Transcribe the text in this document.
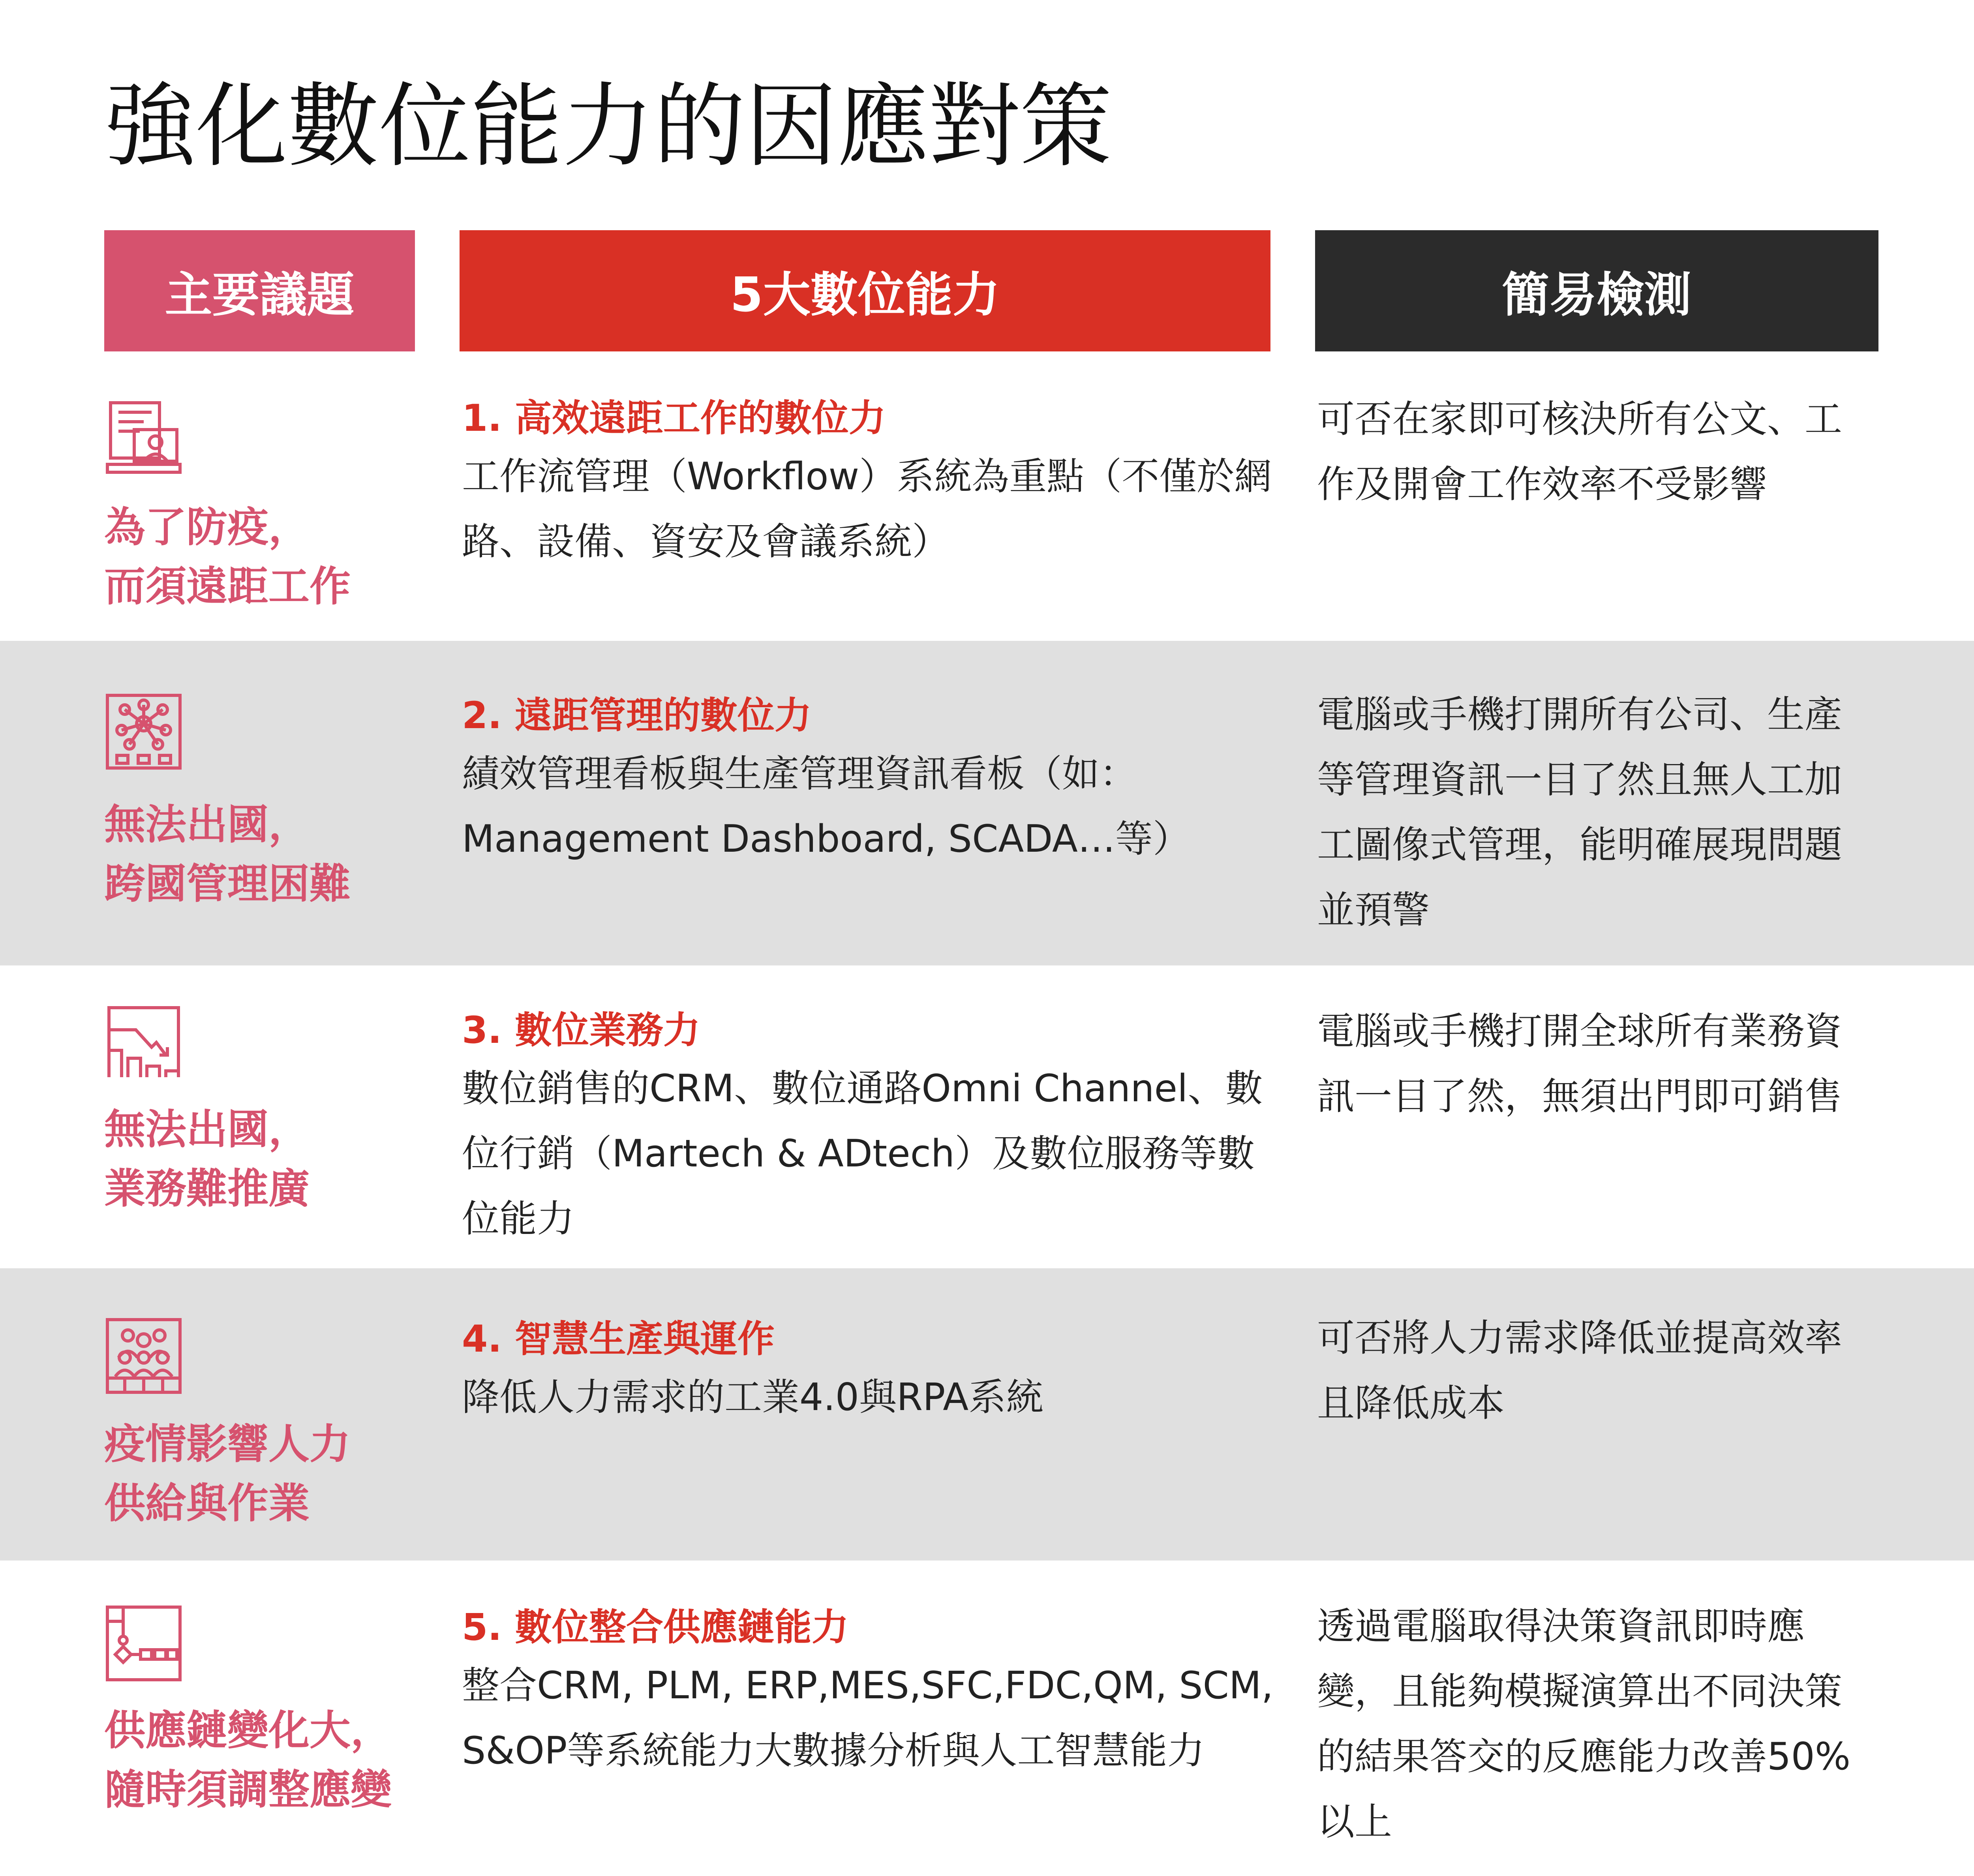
強化數位能力的因應對策
主要議題	5大數位能力	簡易檢測
為了防疫，
而須遠距工作
1. 高效遠距工作的數位力
工作流管理（Workflow）系統為重點（不僅於網路、設備、資安及會議系統）
可否在家即可核決所有公文、工作及開會工作效率不受影響
無法出國，
跨國管理困難
2. 遠距管理的數位力
績效管理看板與生產管理資訊看板（如：Management Dashboard, SCADA…等）
電腦或手機打開所有公司、生產等管理資訊一目了然且無人工加工圖像式管理，能明確展現問題並預警
無法出國，
業務難推廣
3. 數位業務力
數位銷售的CRM、數位通路Omni Channel、數位行銷（Martech & ADtech）及數位服務等數位能力
電腦或手機打開全球所有業務資訊一目了然，無須出門即可銷售
疫情影響人力
供給與作業
4. 智慧生產與運作
降低人力需求的工業4.0與RPA系統
可否將人力需求降低並提高效率且降低成本
供應鏈變化大，
隨時須調整應變
5. 數位整合供應鏈能力
整合CRM, PLM, ERP,MES,SFC,FDC,QM, SCM, S&OP等系統能力大數據分析與人工智慧能力
透過電腦取得決策資訊即時應變，且能夠模擬演算出不同決策的結果答交的反應能力改善50%以上
